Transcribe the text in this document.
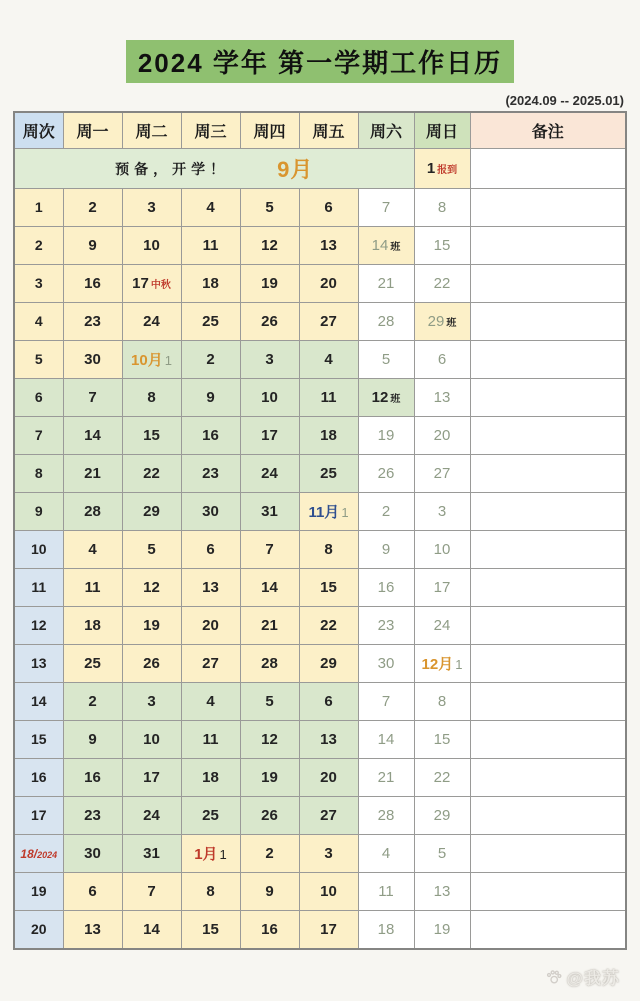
2024 学年 第一学期工作日历
(2024.09 -- 2025.01)
周次	周一	周二	周三	周四	周五	周六	周日	备注

预备，开学！ 9月							1 报到	
1	2	3	4	5	6	7	8	
2	9	10	11	12	13	14 班	15	
3	16	17 中秋	18	19	20	21	22	
4	23	24	25	26	27	28	29 班	
5	30	10月 1	2	3	4	5	6	
6	7	8	9	10	11	12 班	13	
7	14	15	16	17	18	19	20	
8	21	22	23	24	25	26	27	
9	28	29	30	31	11月 1	2	3	
10	4	5	6	7	8	9	10	
11	11	12	13	14	15	16	17	
12	18	19	20	21	22	23	24	
13	25	26	27	28	29	30	12月 1	
14	2	3	4	5	6	7	8	
15	9	10	11	12	13	14	15	
16	16	17	18	19	20	21	22	
17	23	24	25	26	27	28	29	
18/2024	30	31	1月 1	2	3	4	5	
19	6	7	8	9	10	11	13	
20	13	14	15	16	17	18	19	
@我苏
